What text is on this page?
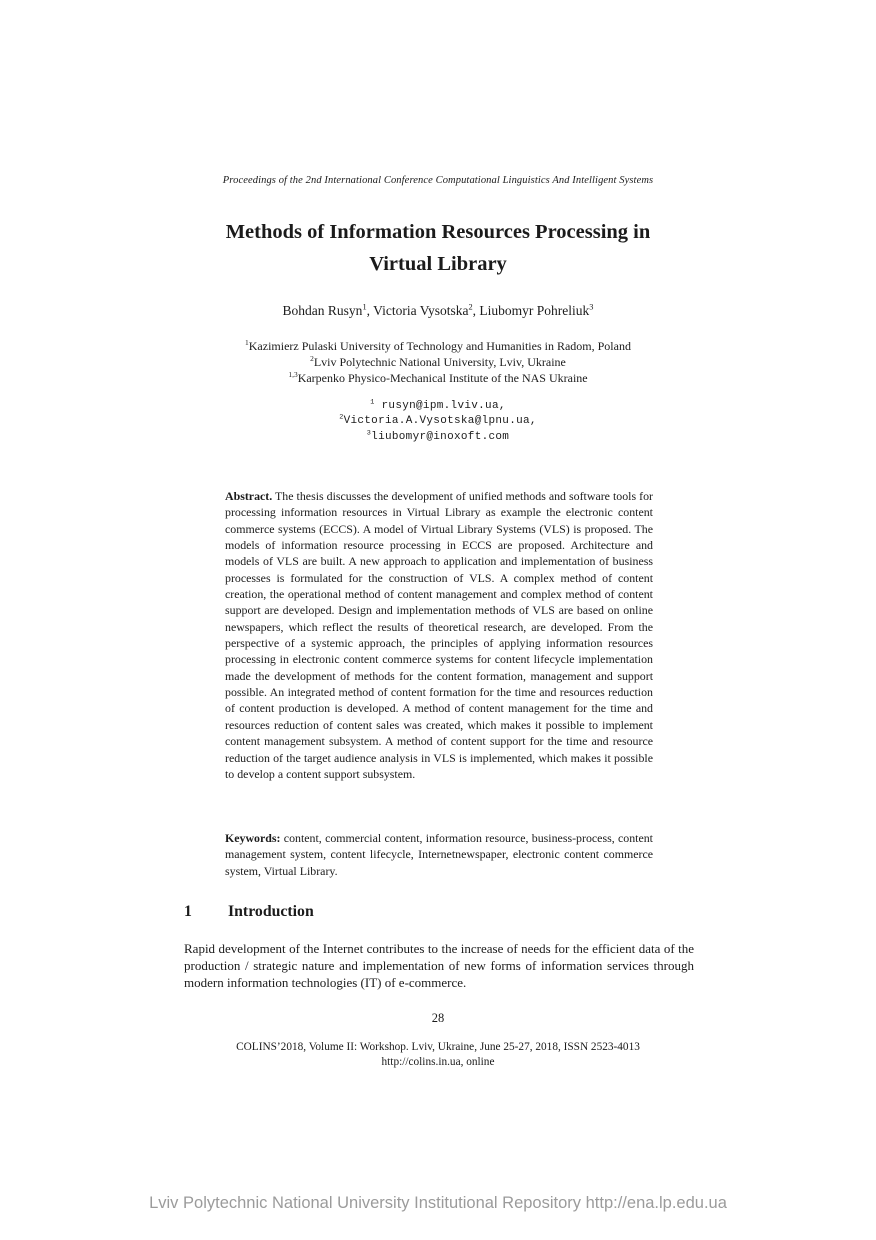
Proceedings of the 2nd International Conference Computational Linguistics And Intelligent Systems
Methods of Information Resources Processing in
Virtual Library
Bohdan Rusyn$^1$, Victoria Vysotska$^2$, Liubomyr Pohreliuk$^3$
$^1$Kazimierz Pulaski University of Technology and Humanities in Radom, Poland
$^2$Lviv Polytechnic National University, Lviv, Ukraine
$^{1,3}$Karpenko Physico-Mechanical Institute of the NAS Ukraine
$^1$ rusyn@ipm.lviv.ua,
$^2$Victoria.A.Vysotska@lpnu.ua,
$^3$liubomyr@inoxoft.com

Abstract. The thesis discusses the development of unified methods and software tools for processing information resources in Virtual Library as example the electronic content commerce systems (ECCS). A model of Virtual Library Systems (VLS) is proposed. The models of information resource processing in ECCS are proposed. Architecture and models of VLS are built. A new approach to application and implementation of business processes is formulated for the construction of VLS. A complex method of content creation, the operational method of content management and complex method of content support are developed. Design and implementation methods of VLS are based on online newspapers, which reflect the results of theoretical research, are developed. From the perspective of a systemic approach, the principles of applying information resources processing in electronic content commerce systems for content lifecycle implementation made the development of methods for the content formation, management and support possible. An integrated method of content formation for the time and resources reduction of content production is developed. A method of content management for the time and resources reduction of content sales was created, which makes it possible to implement content management subsystem. A method of content support for the time and resource reduction of the target audience analysis in VLS is implemented, which makes it possible to develop a content support subsystem.

Keywords: content, commercial content, information resource, business-process, content management system, content lifecycle, Internetnewspaper, electronic content commerce system, Virtual Library.

1 Introduction

Rapid development of the Internet contributes to the increase of needs for the efficient data of the production / strategic nature and implementation of new forms of information services through modern information technologies (IT) of e-commerce.

28
COLINS’2018, Volume II: Workshop. Lviv, Ukraine, June 25-27, 2018, ISSN 2523-4013
http://colins.in.ua, online
Lviv Polytechnic National University Institutional Repository http://ena.lp.edu.ua
